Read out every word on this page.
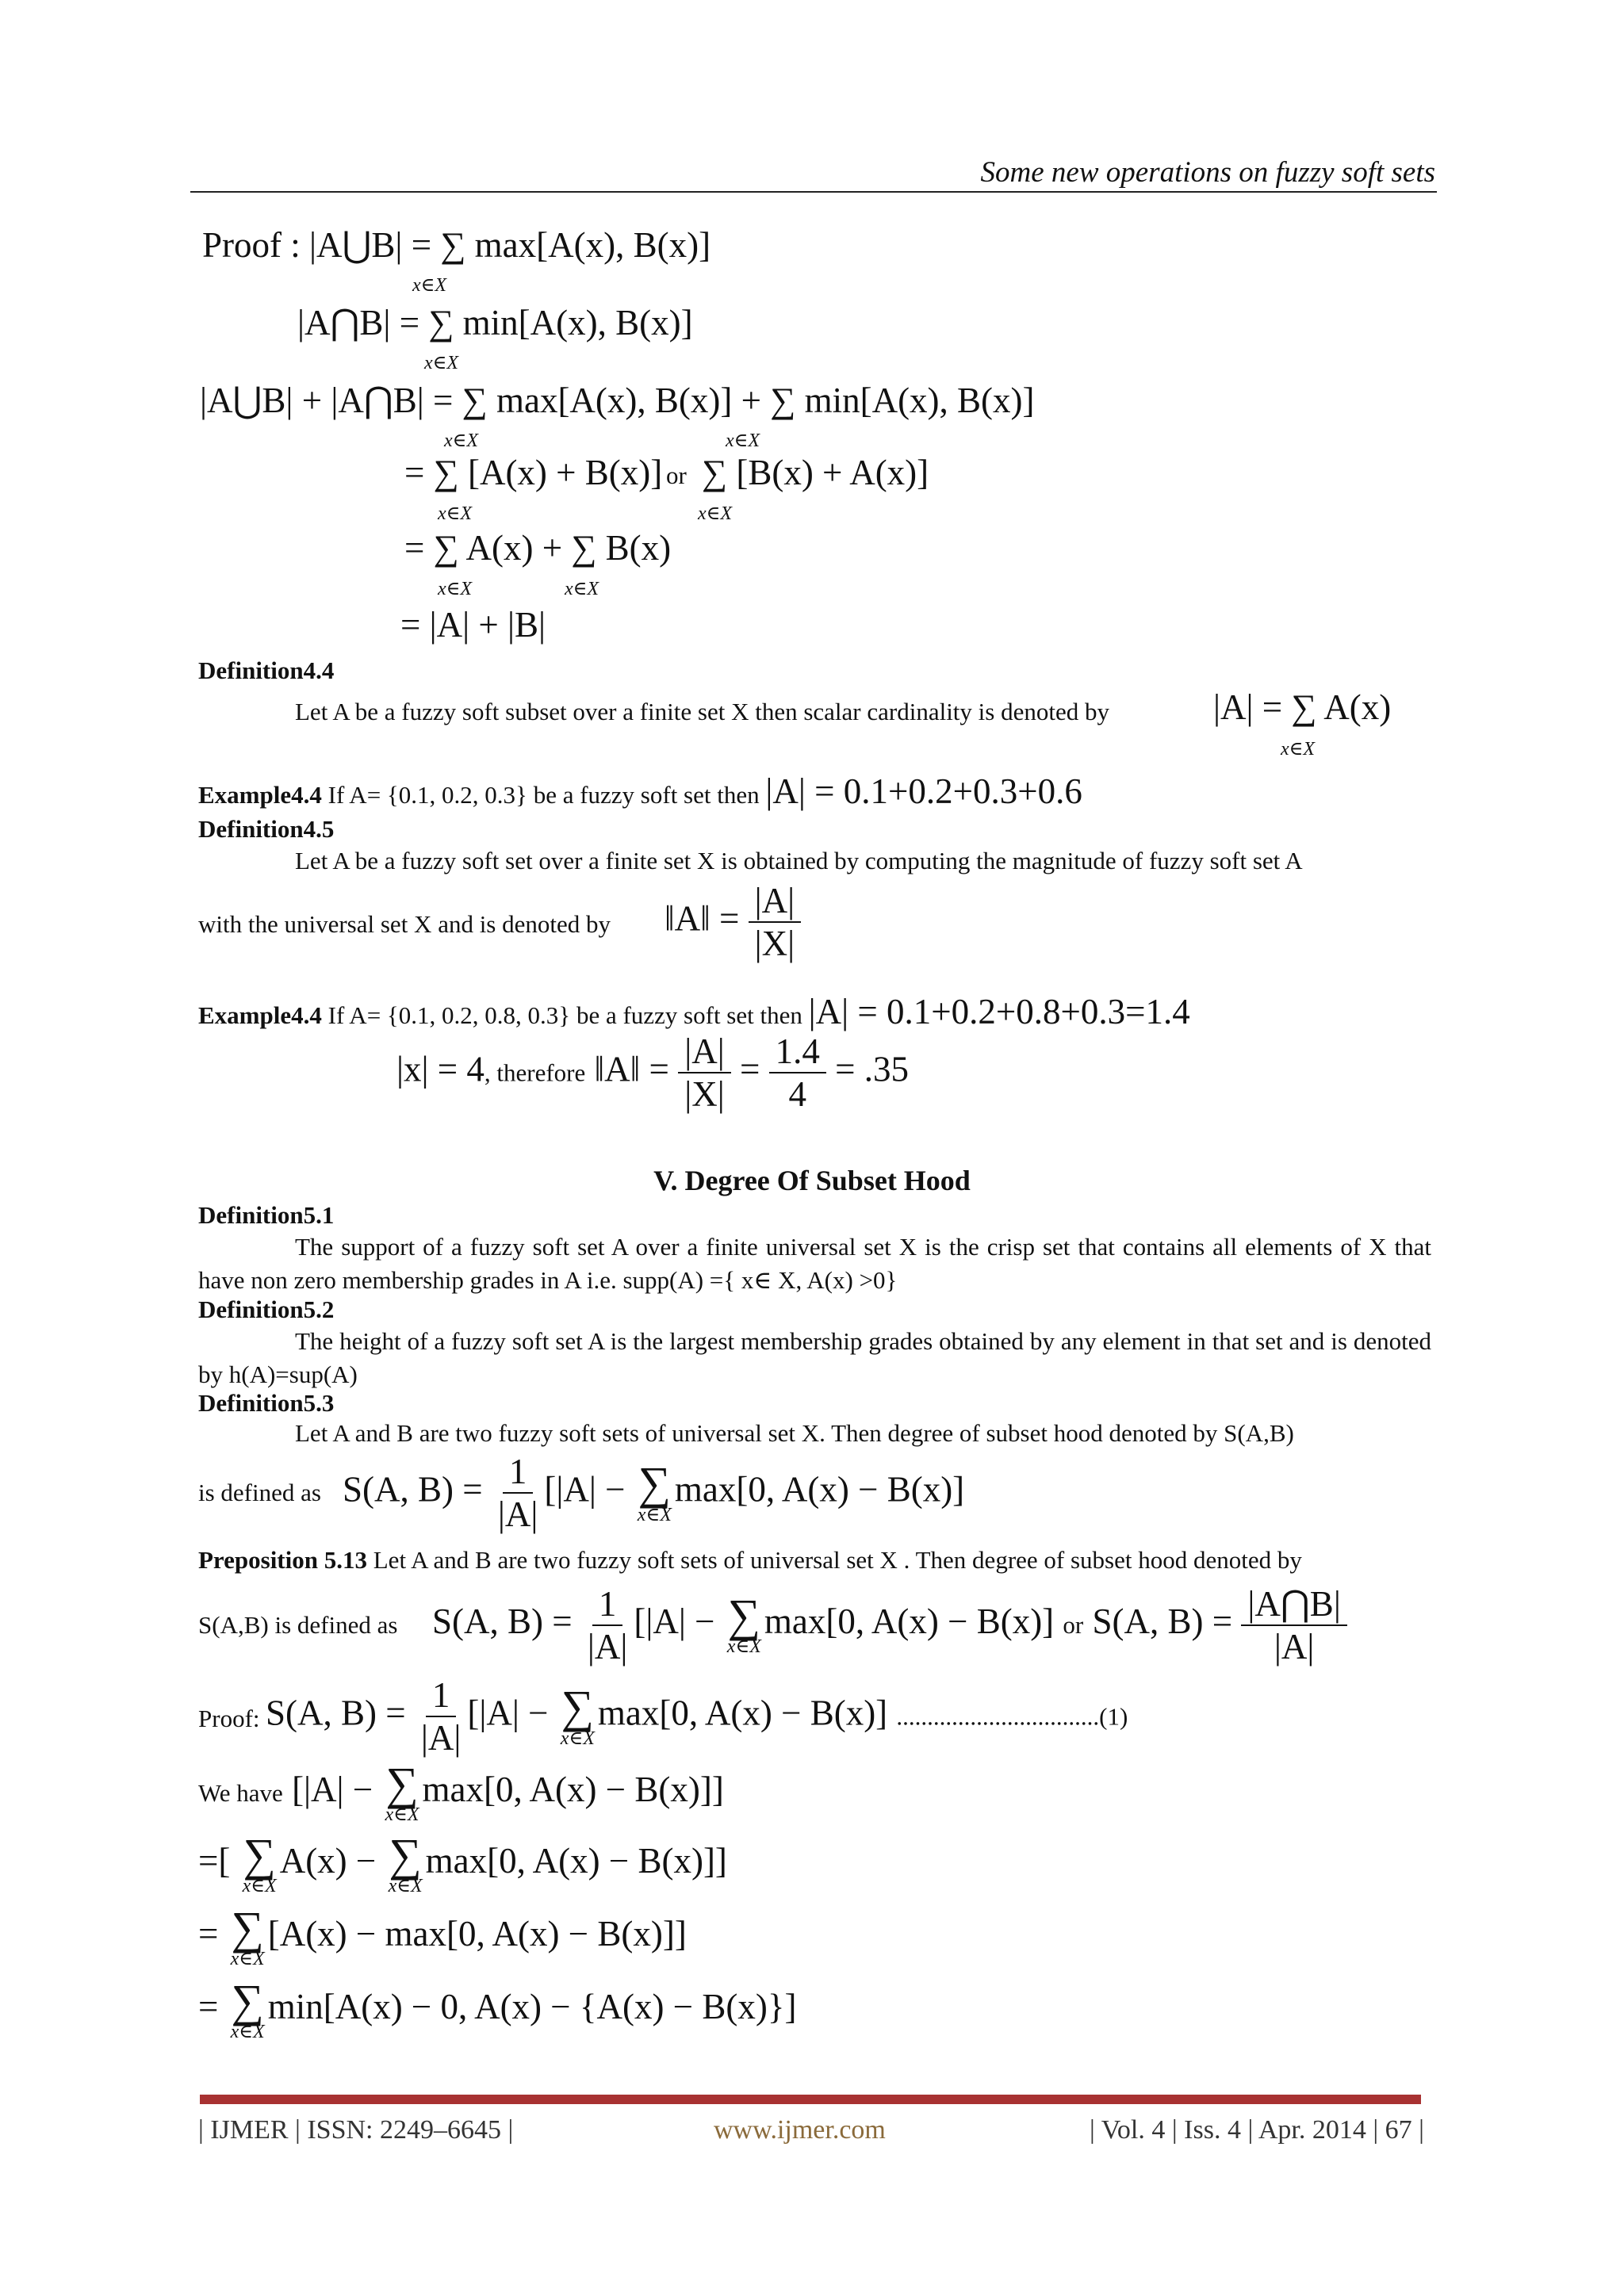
Some new operations on fuzzy soft sets
Proof : |A⋃B| = ∑ max[A(x), B(x)]
x∈X
|A⋂B| = ∑ min[A(x), B(x)]
x∈X
|A⋃B| + |A⋂B| = ∑ max[A(x), B(x)] + ∑ min[A(x), B(x)]
x∈X	x∈X
= ∑ [A(x) + B(x)] or ∑ [B(x) + A(x)]
x∈X	x∈X
= ∑ A(x) + ∑ B(x)
x∈X	x∈X
= |A| + |B|
Definition4.4
Let A be a fuzzy soft subset over a finite set X then scalar cardinality is denoted by	|A| = ∑ A(x)
x∈X
Example4.4 If A= {0.1, 0.2, 0.3} be a fuzzy soft set then |A| = 0.1+0.2+0.3+0.6
Definition4.5
Let A be a fuzzy soft set over a finite set X is obtained by computing the magnitude of fuzzy soft set A
with the universal set X and is denoted by ‖A‖ = $\frac{|A|}{|X|}$
Example4.4 If A= {0.1, 0.2, 0.8, 0.3} be a fuzzy soft set then |A| = 0.1+0.2+0.8+0.3=1.4
|x| = 4, therefore ‖A‖ = $\frac{|A|}{|X|} = \frac{1.4}{4} = .35$
V. Degree Of Subset Hood
Definition5.1
The support of a fuzzy soft set A over a finite universal set X is the crisp set that contains all elements of X that have non zero membership grades in A i.e. supp(A) ={ x∈ X, A(x) >0}
Definition5.2
The height of a fuzzy soft set A is the largest membership grades obtained by any element in that set and is denoted by h(A)=sup(A)
Definition5.3
Let A and B are two fuzzy soft sets of universal set X. Then degree of subset hood denoted by S(A,B)
is defined as S(A, $B) = \frac{1}{|A|} [|A|$ − ∑
x∈X
max[0, A(x) − B(x)]
Preposition 5.13 Let A and B are two fuzzy soft sets of universal set X . Then degree of subset hood denoted by
S(A,B) is defined as S(A, $B) = \frac{1}{|A|} [|A|$ − ∑
x∈X
max[0, A(x) − B(x)] or S(A, $B) = \frac{|A⋂B|}{|A|}$
Proof: S(A, $B) = \frac{1}{|A|} [|A|$ − ∑
x∈X
max[0, A(x) − B(x)] .................................(1)
We have [|A| − ∑
x∈X
max[0, A(x) − B(x)]]
=[ ∑
x∈X
A(x) − ∑
x∈X
max[0, A(x) − B(x)]]
= ∑
x∈X
[A(x) − max[0, A(x) − B(x)]]
= ∑
x∈X
min[A(x) − 0, A(x) − {A(x) − B(x)}]
| IJMER | ISSN: 2249–6645 |	www.ijmer.com	| Vol. 4 | Iss. 4 | Apr. 2014 | 67 |
